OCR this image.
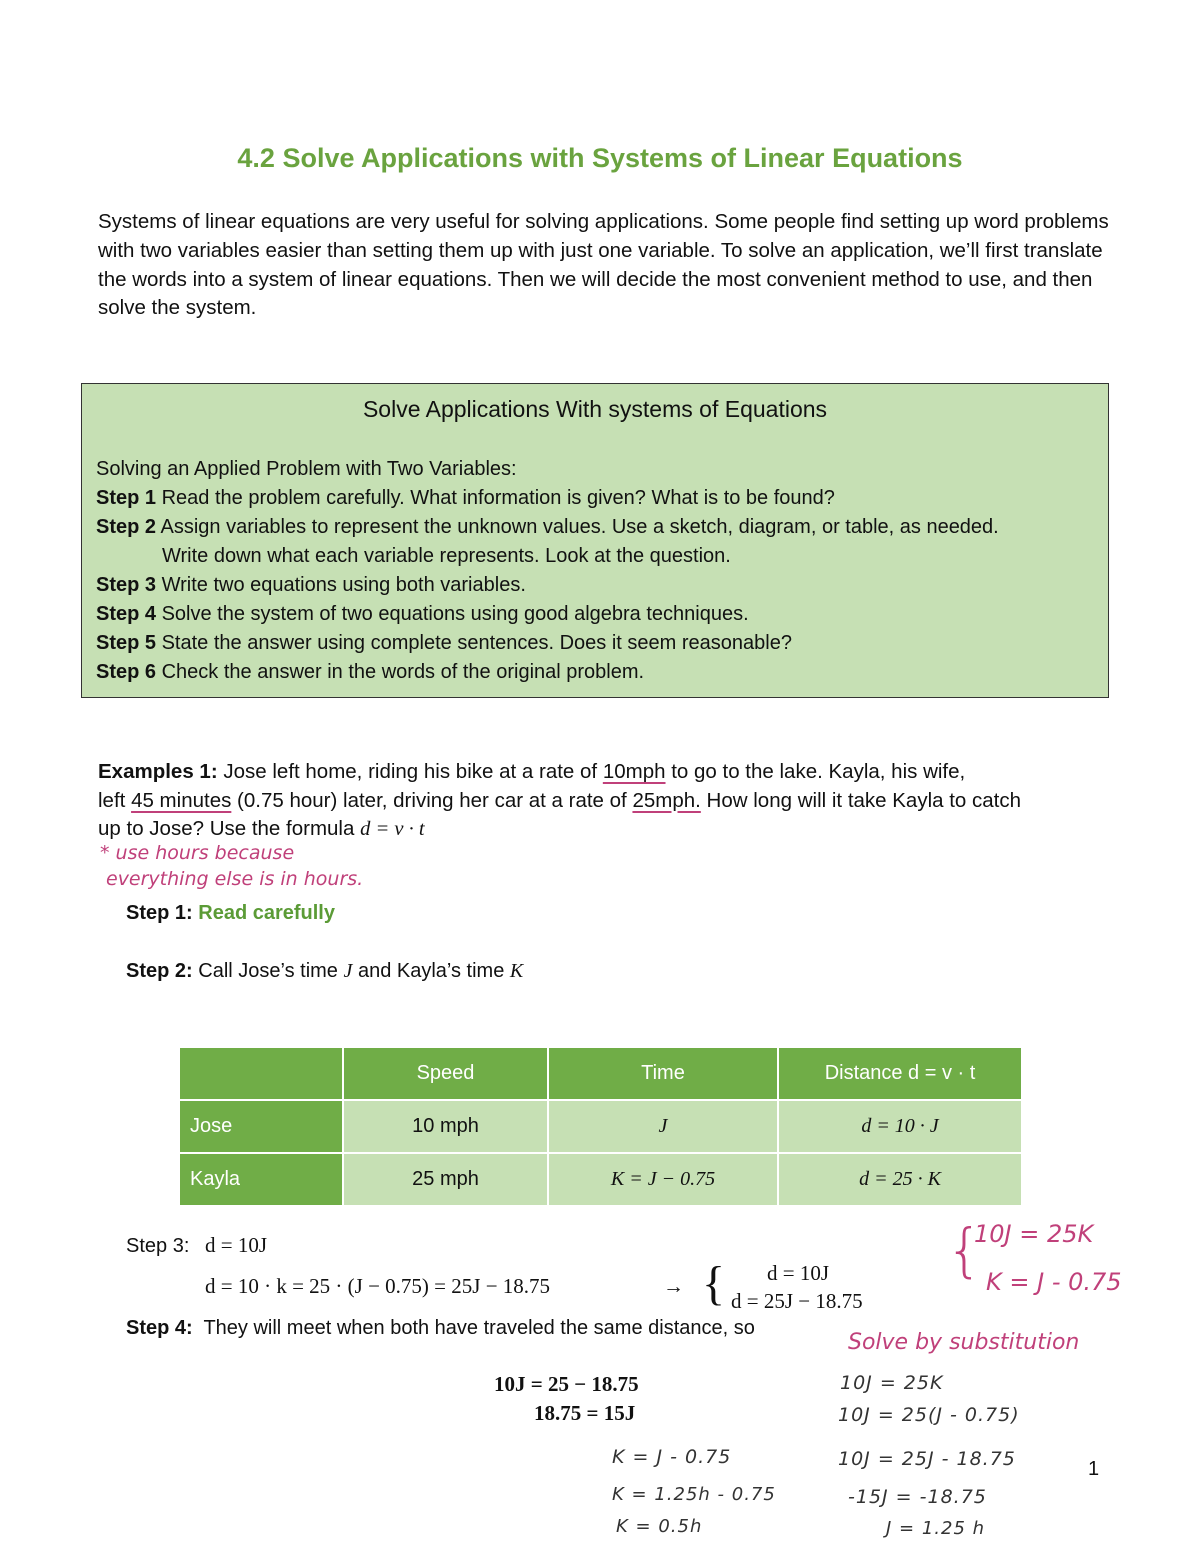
4.2 Solve Applications with Systems of Linear Equations

Systems of linear equations are very useful for solving applications. Some people find setting up word problems with two variables easier than setting them up with just one variable. To solve an application, we’ll first translate the words into a system of linear equations. Then we will decide the most convenient method to use, and then solve the system.

Solve Applications With systems of Equations
Solving an Applied Problem with Two Variables:
Step 1 Read the problem carefully. What information is given? What is to be found?
Step 2 Assign variables to represent the unknown values. Use a sketch, diagram, or table, as needed.
Write down what each variable represents. Look at the question.
Step 3 Write two equations using both variables.
Step 4 Solve the system of two equations using good algebra techniques.
Step 5 State the answer using complete sentences. Does it seem reasonable?
Step 6 Check the answer in the words of the original problem.
Examples 1: Jose left home, riding his bike at a rate of 10mph to go to the lake. Kayla, his wife,
left 45 minutes (0.75 hour) later, driving her car at a rate of 25mph. How long will it take Kayla to catch
up to Jose? Use the formula d = v · t
* use hours because
everything else is in hours.
Step 1: Read carefully
Step 2: Call Jose’s time J and Kayla’s time K
	Speed	Time	Distance d = v · t
Jose	10 mph	J	d = 10 · J
Kayla	25 mph	K = J − 0.75	d = 25 · K
Step 3: d = 10J
d = 10 · k = 25 · (J − 0.75) = 25J − 18.75	→ { d = 10J
d = 25J − 18.75
Step 4: They will meet when both have traveled the same distance, so
10J = 25 − 18.75
18.75 = 15J
{
10J = 25K
K = J - 0.75
Solve by substitution
10J = 25K
10J = 25(J - 0.75)
10J = 25J - 18.75
-15J = -18.75
J = 1.25 h
K = J - 0.75
K = 1.25h - 0.75
K = 0.5h
1
